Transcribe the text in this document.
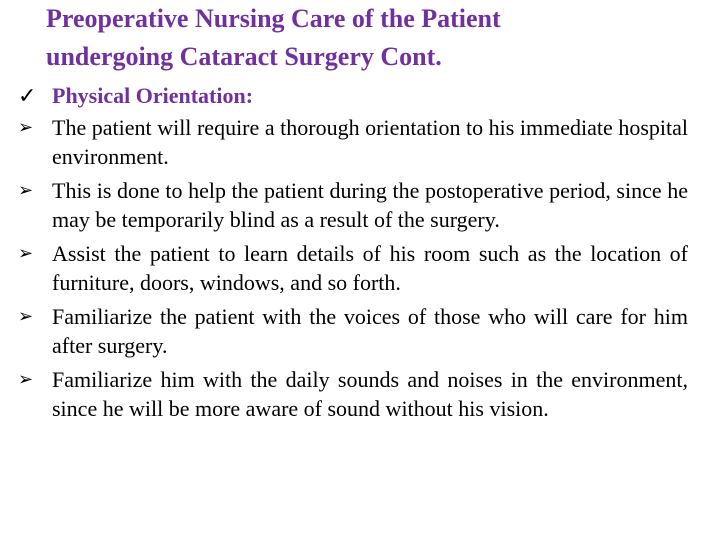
Preoperative Nursing Care of the Patient
undergoing Cataract Surgery Cont.
✓ Physical Orientation:
➢ The patient will require a thorough orientation to his immediate hospital environment.
➢ This is done to help the patient during the postoperative period, since he may be temporarily blind as a result of the surgery.
➢ Assist the patient to learn details of his room such as the location of furniture, doors, windows, and so forth.
➢ Familiarize the patient with the voices of those who will care for him after surgery.
➢ Familiarize him with the daily sounds and noises in the environment, since he will be more aware of sound without his vision.
